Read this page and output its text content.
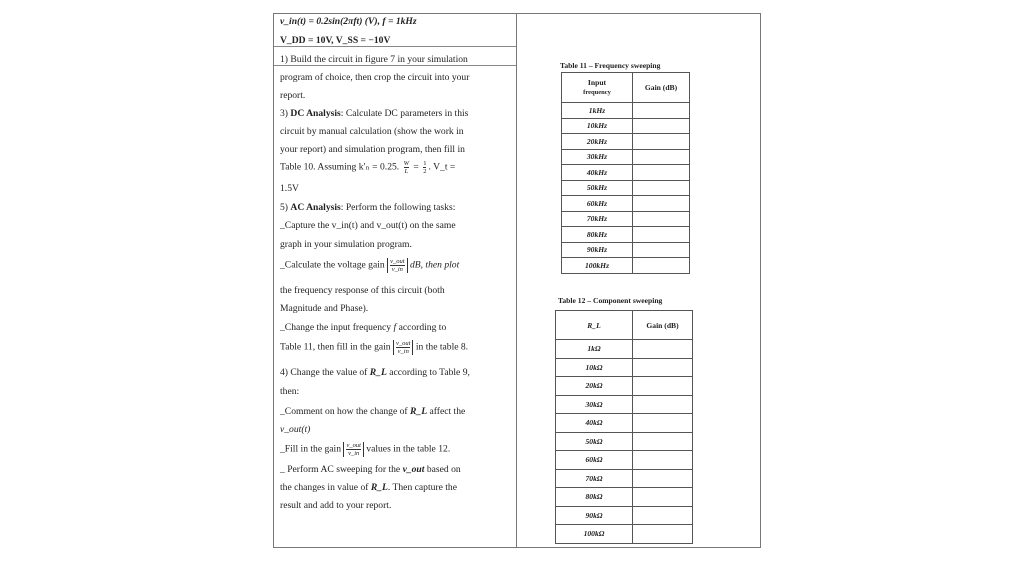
v_in(t) = 0.2sin(2πft) (V), f = 1kHz
V_DD = 10V, V_SS = −10V
1) Build the circuit in figure 7 in your simulation
program of choice, then crop the circuit into your
report.
3) DC Analysis: Calculate DC parameters in this
circuit by manual calculation (show the work in
your report) and simulation program, then fill in
Table 10. Assuming k′ₙ = 0.25. $\frac{W}{L} = \frac{1}{2}$. V_t =
1.5V
5) AC Analysis: Perform the following tasks:
_Capture the v_in(t) and v_out(t) on the same
graph in your simulation program.
_Calculate the voltage gain $\frac{\text{v\_out}}{v\_in}$ dB, then plot
the frequency response of this circuit (both
Magnitude and Phase).
_Change the input frequency f according to
Table 11, then fill in the gain $\frac{\text{v\_out}}{v\_in}$ in the table 8.
4) Change the value of R_L according to Table 9,
then:
_Comment on how the change of R_L affect the
v_out(t)
_Fill in the gain $\frac{\text{v\_out}}{v\_in}$ values in the table 12.
_ Perform AC sweeping for the v_out based on
the changes in value of R_L. Then capture the
result and add to your report.
Table 11 – Frequency sweeping
Input
frequency	Gain (dB)
1kHz	
10kHz	
20kHz	
30kHz	
40kHz	
50kHz	
60kHz	
70kHz	
80kHz	
90kHz	
100kHz	
Table 12 – Component sweeping
R_L	Gain (dB)
1kΩ	
10kΩ	
20kΩ	
30kΩ	
40kΩ	
50kΩ	
60kΩ	
70kΩ	
80kΩ	
90kΩ	
100kΩ	
